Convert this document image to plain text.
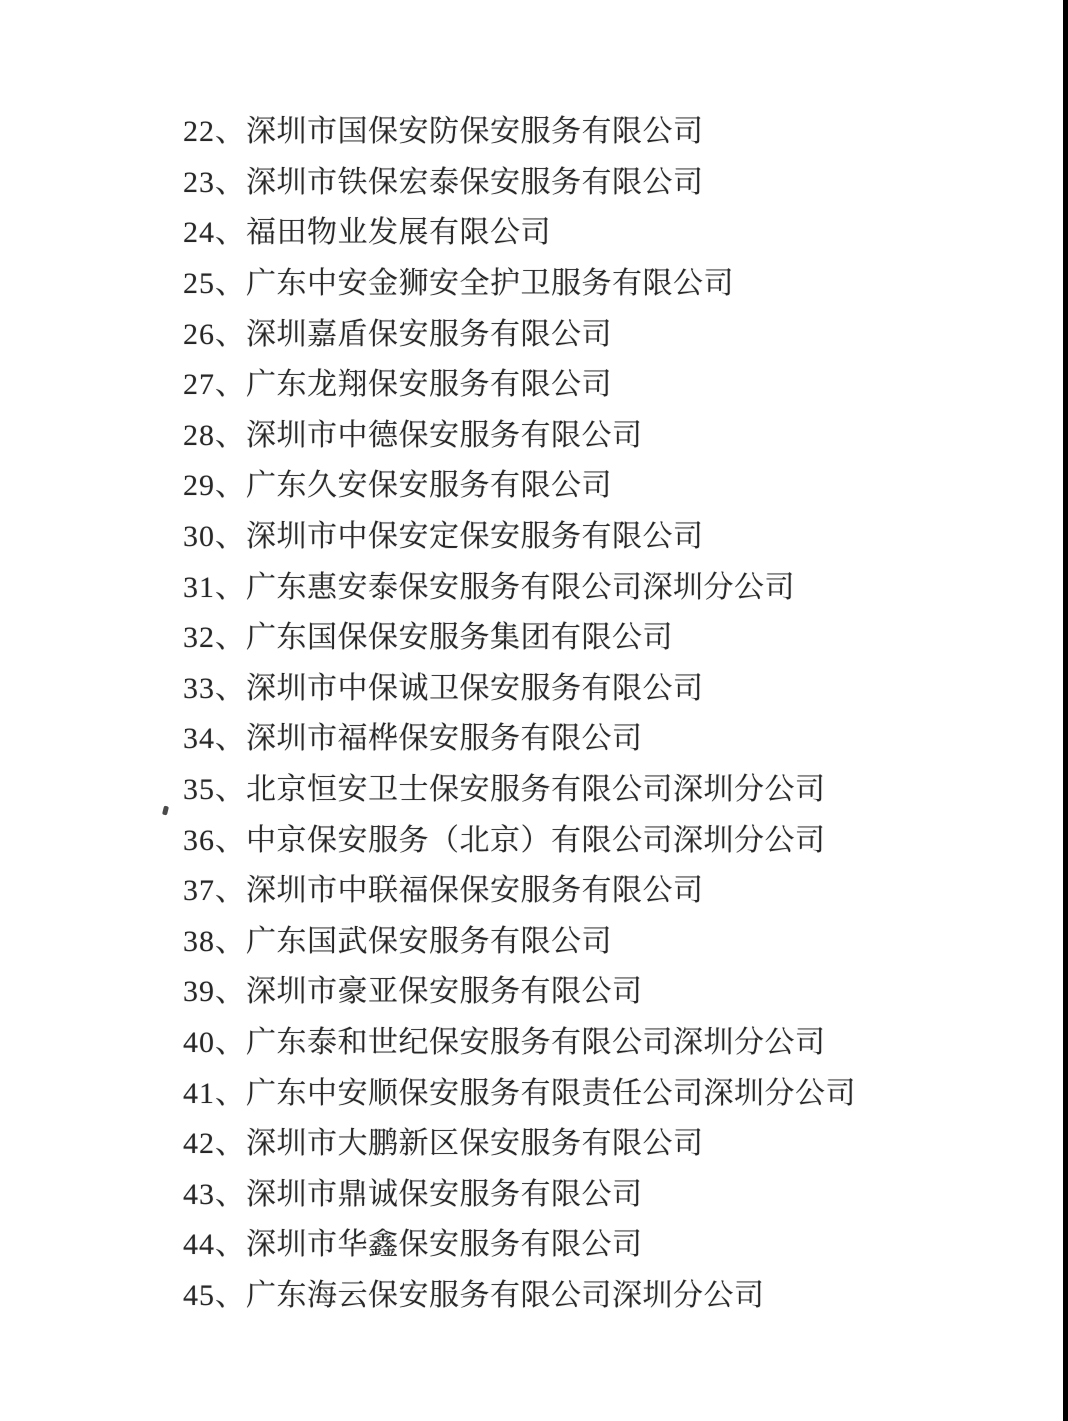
22、 深圳市国保安防保安服务有限公司
23、 深圳市铁保宏泰保安服务有限公司
24、 福田物业发展有限公司
25、 广东中安金狮安全护卫服务有限公司
26、 深圳嘉盾保安服务有限公司
27、 广东龙翔保安服务有限公司
28、 深圳市中德保安服务有限公司
29、 广东久安保安服务有限公司
30、 深圳市中保安定保安服务有限公司
31、 广东惠安泰保安服务有限公司深圳分公司
32、 广东国保保安服务集团有限公司
33、 深圳市中保诚卫保安服务有限公司
34、 深圳市福桦保安服务有限公司
35、 北京恒安卫士保安服务有限公司深圳分公司
36、 中京保安服务（北京）有限公司深圳分公司
37、 深圳市中联福保保安服务有限公司
38、 广东国武保安服务有限公司
39、 深圳市豪亚保安服务有限公司
40、 广东泰和世纪保安服务有限公司深圳分公司
41、 广东中安顺保安服务有限责任公司深圳分公司
42、 深圳市大鹏新区保安服务有限公司
43、 深圳市鼎诚保安服务有限公司
44、 深圳市华鑫保安服务有限公司
45、 广东海云保安服务有限公司深圳分公司
